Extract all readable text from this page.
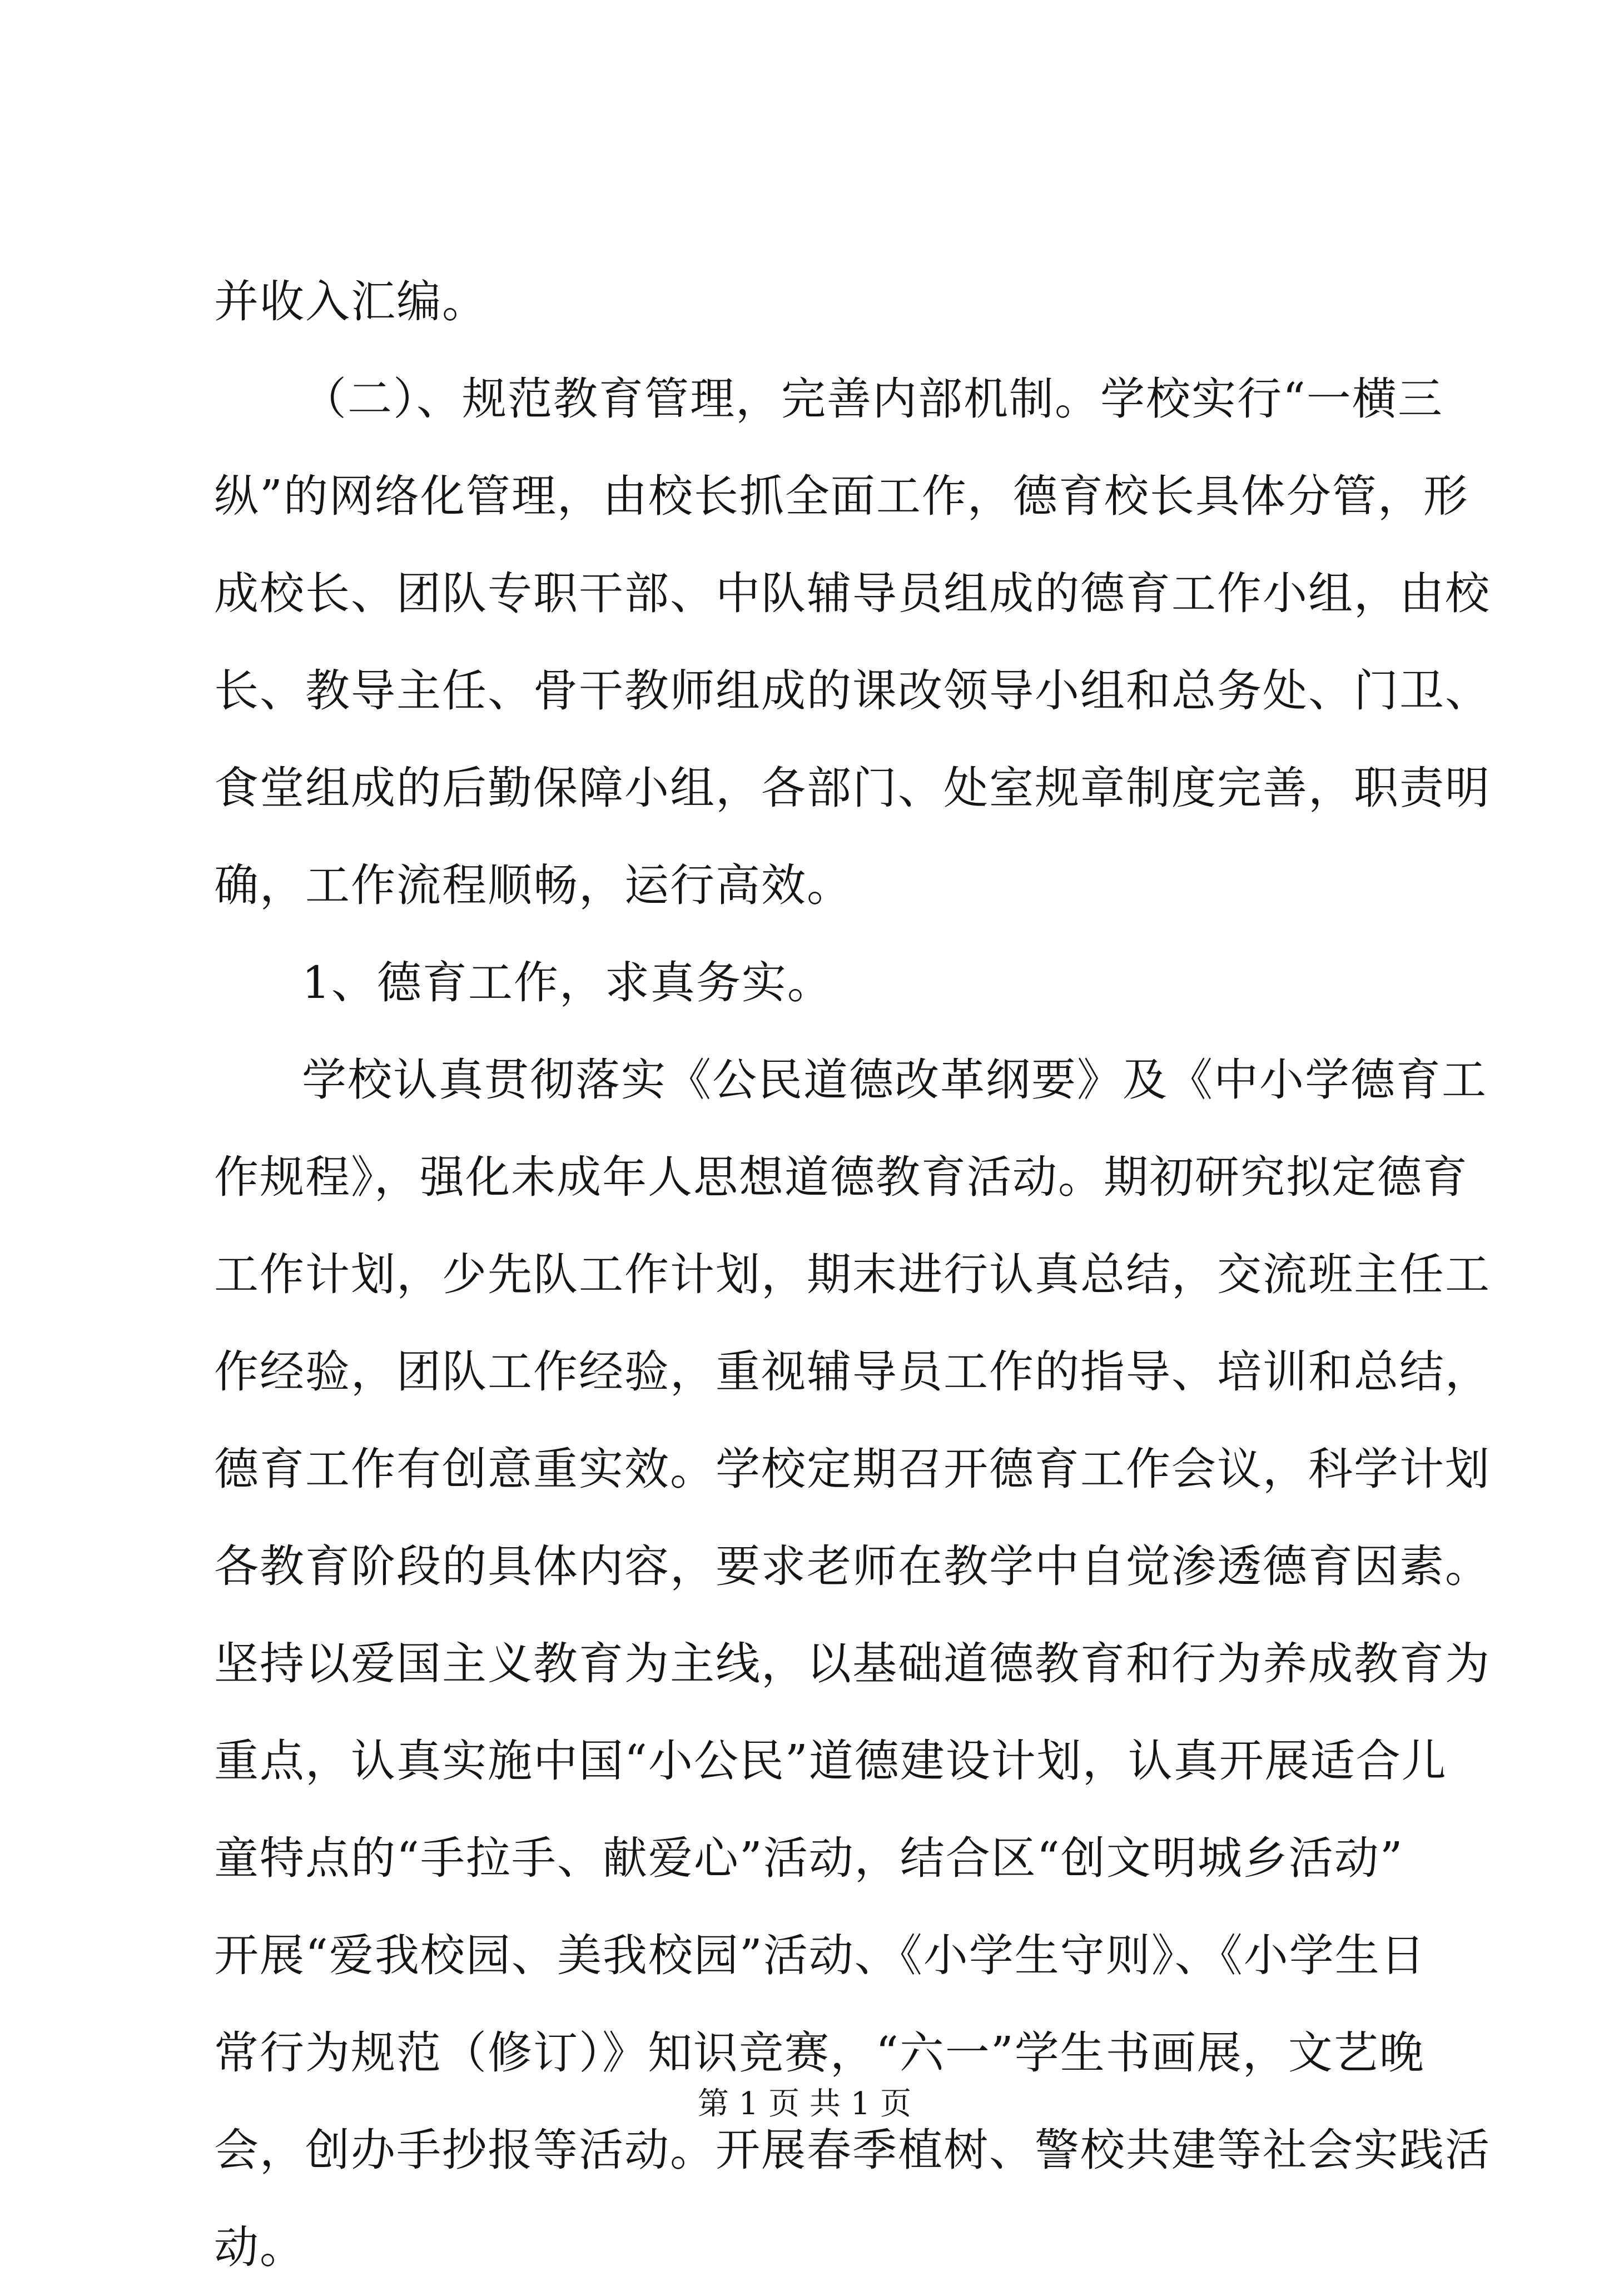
并收入汇编。
（二）、规范教育管理，完善内部机制。学校实行“一横三
纵”的网络化管理，由校长抓全面工作，德育校长具体分管，形
成校长、团队专职干部、中队辅导员组成的德育工作小组，由校
长、教导主任、骨干教师组成的课改领导小组和总务处、门卫、
食堂组成的后勤保障小组，各部门、处室规章制度完善，职责明
确，工作流程顺畅，运行高效。
1、德育工作，求真务实。
学校认真贯彻落实《公民道德改革纲要》及《中小学德育工
作规程》，强化未成年人思想道德教育活动。期初研究拟定德育
工作计划，少先队工作计划，期末进行认真总结，交流班主任工
作经验，团队工作经验，重视辅导员工作的指导、培训和总结，
德育工作有创意重实效。学校定期召开德育工作会议，科学计划
各教育阶段的具体内容，要求老师在教学中自觉渗透德育因素。
坚持以爱国主义教育为主线，以基础道德教育和行为养成教育为
重点，认真实施中国“小公民”道德建设计划，认真开展适合儿
童特点的“手拉手、献爱心”活动，结合区“创文明城乡活动”
开展“爱我校园、美我校园”活动、《小学生守则》、《小学生日
常行为规范（修订）》知识竞赛，“六一”学生书画展，文艺晚
会，创办手抄报等活动。开展春季植树、警校共建等社会实践活
动。
第 1 页 共 1 页
